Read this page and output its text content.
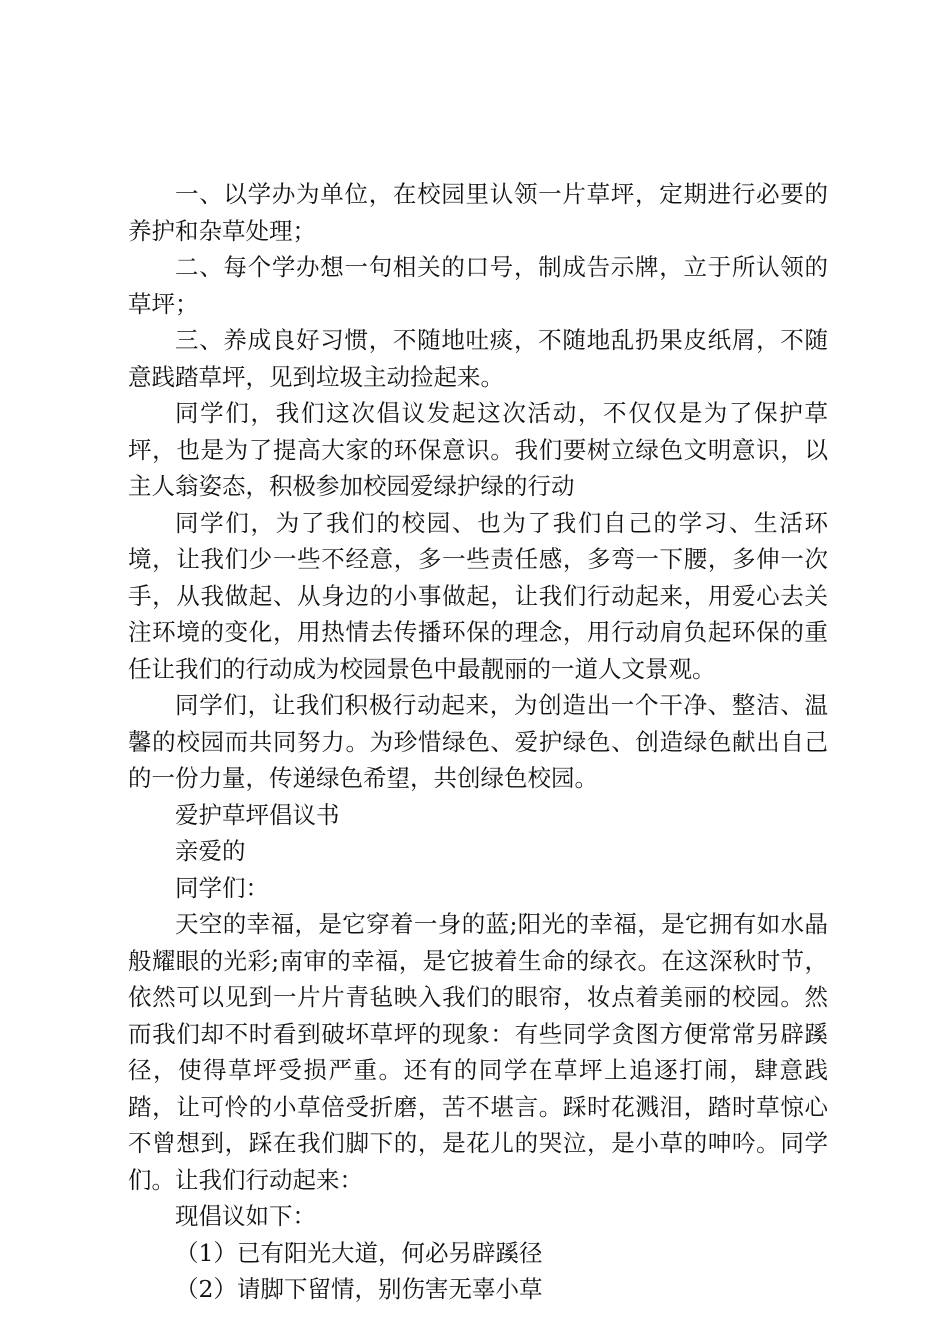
一、以学办为单位，在校园里认领一片草坪，定期进行必要的养护和杂草处理；

二、每个学办想一句相关的口号，制成告示牌，立于所认领的草坪；

三、养成良好习惯，不随地吐痰，不随地乱扔果皮纸屑，不随意践踏草坪，见到垃圾主动捡起来。

同学们，我们这次倡议发起这次活动，不仅仅是为了保护草坪，也是为了提高大家的环保意识。我们要树立绿色文明意识，以主人翁姿态，积极参加校园爱绿护绿的行动

同学们，为了我们的校园、也为了我们自己的学习、生活环境，让我们少一些不经意，多一些责任感，多弯一下腰，多伸一次手，从我做起、从身边的小事做起，让我们行动起来，用爱心去关注环境的变化，用热情去传播环保的理念，用行动肩负起环保的重任让我们的行动成为校园景色中最靓丽的一道人文景观。

同学们，让我们积极行动起来，为创造出一个干净、整洁、温馨的校园而共同努力。为珍惜绿色、爱护绿色、创造绿色献出自己的一份力量，传递绿色希望，共创绿色校园。

爱护草坪倡议书

亲爱的

同学们：

天空的幸福，是它穿着一身的蓝;阳光的幸福，是它拥有如水晶般耀眼的光彩;南审的幸福，是它披着生命的绿衣。在这深秋时节，依然可以见到一片片青毡映入我们的眼帘，妆点着美丽的校园。然而我们却不时看到破坏草坪的现象：有些同学贪图方便常常另辟蹊径，使得草坪受损严重。还有的同学在草坪上追逐打闹，肆意践踏，让可怜的小草倍受折磨，苦不堪言。踩时花溅泪，踏时草惊心不曾想到，踩在我们脚下的，是花儿的哭泣，是小草的呻吟。同学们。让我们行动起来：

现倡议如下：

（1）已有阳光大道，何必另辟蹊径

（2）请脚下留情，别伤害无辜小草
